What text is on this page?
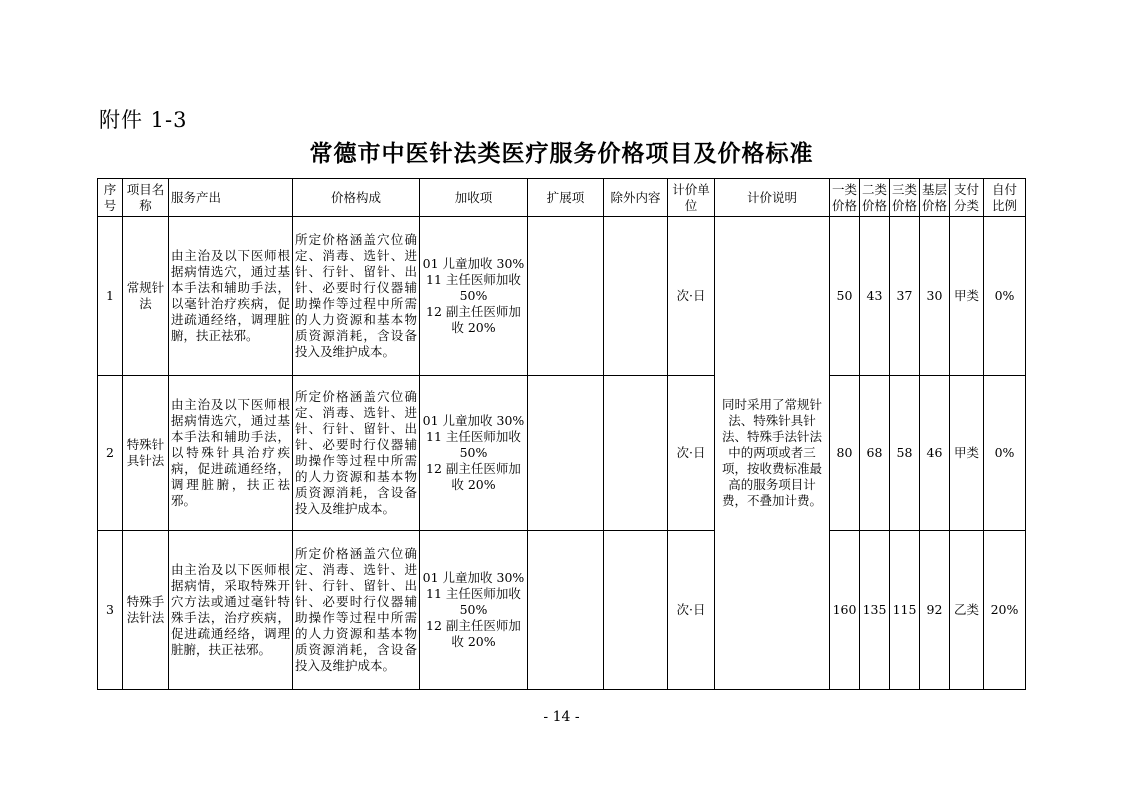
附件 1-3
常德市中医针法类医疗服务价格项目及价格标准
序号	项目名称	服务产出	价格构成	加收项	扩展项	除外内容	计价单位	计价说明	一类价格	二类价格	三类价格	基层价格	支付分类	自付比例
1	常规针法	由主治及以下医师根据病情选穴，通过基本手法和辅助手法，以毫针治疗疾病，促进疏通经络，调理脏腑，扶正祛邪。	所定价格涵盖穴位确定、消毒、选针、进针、行针、留针、出针、必要时行仪器辅助操作等过程中所需的人力资源和基本物质资源消耗，含设备投入及维护成本。	01 儿童加收 30%
11 主任医师加收 50%
12 副主任医师加收 20%			次·日	同时采用了常规针法、特殊针具针法、特殊手法针法中的两项或者三项，按收费标准最高的服务项目计费，不叠加计费。	50	43	37	30	甲类	0%
2	特殊针具针法	由主治及以下医师根据病情选穴，通过基本手法和辅助手法，以特殊针具治疗疾病，促进疏通经络，调理脏腑，扶正祛邪。	所定价格涵盖穴位确定、消毒、选针、进针、行针、留针、出针、必要时行仪器辅助操作等过程中所需的人力资源和基本物质资源消耗，含设备投入及维护成本。	01 儿童加收 30%
11 主任医师加收 50%
12 副主任医师加收 20%			次·日		80	68	58	46	甲类	0%
3	特殊手法针法	由主治及以下医师根据病情，采取特殊开穴方法或通过毫针特殊手法，治疗疾病，促进疏通经络，调理脏腑，扶正祛邪。	所定价格涵盖穴位确定、消毒、选针、进针、行针、留针、出针、必要时行仪器辅助操作等过程中所需的人力资源和基本物质资源消耗，含设备投入及维护成本。	01 儿童加收 30%
11 主任医师加收 50%
12 副主任医师加收 20%			次·日		160	135	115	92	乙类	20%
- 14 -
